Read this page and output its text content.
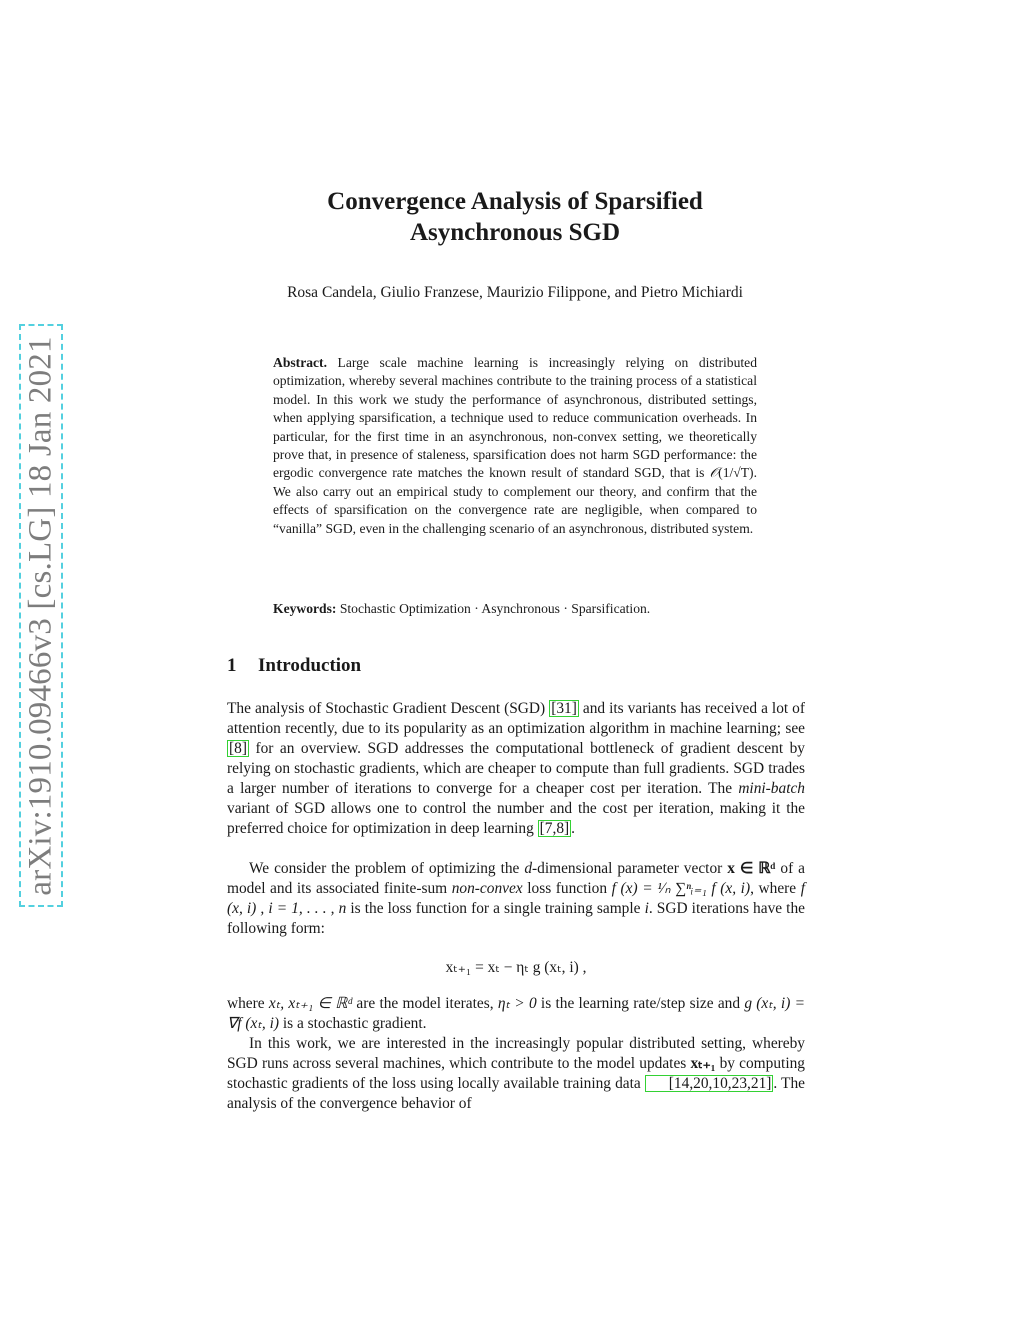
arXiv:1910.09466v3 [cs.LG] 18 Jan 2021
Convergence Analysis of Sparsified
Asynchronous SGD
Rosa Candela, Giulio Franzese, Maurizio Filippone, and Pietro Michiardi
Abstract. Large scale machine learning is increasingly relying on distributed optimization, whereby several machines contribute to the training process of a statistical model. In this work we study the performance of asynchronous, distributed settings, when applying sparsification, a technique used to reduce communication overheads. In particular, for the first time in an asynchronous, non-convex setting, we theoretically prove that, in presence of staleness, sparsification does not harm SGD performance: the ergodic convergence rate matches the known result of standard SGD, that is 𝒪(1/√T). We also carry out an empirical study to complement our theory, and confirm that the effects of sparsification on the convergence rate are negligible, when compared to “vanilla” SGD, even in the challenging scenario of an asynchronous, distributed system.
Keywords: Stochastic Optimization · Asynchronous · Sparsification.
1 Introduction
The analysis of Stochastic Gradient Descent (SGD) [31] and its variants has received a lot of attention recently, due to its popularity as an optimization algorithm in machine learning; see [8] for an overview. SGD addresses the computational bottleneck of gradient descent by relying on stochastic gradients, which are cheaper to compute than full gradients. SGD trades a larger number of iterations to converge for a cheaper cost per iteration. The mini-batch variant of SGD allows one to control the number and the cost per iteration, making it the preferred choice for optimization in deep learning [7,8] .
We consider the problem of optimizing the d-dimensional parameter vector x ∈ ℝᵈ of a model and its associated finite-sum non-convex loss function f (x) = ¹⁄ₙ ∑ⁿᵢ₌₁ f (x, i), where f (x, i) , i = 1, . . . , n is the loss function for a single training sample i. SGD iterations have the following form:
xₜ₊₁ = xₜ − ηₜ g (xₜ, i) ,
where xₜ, xₜ₊₁ ∈ ℝᵈ are the model iterates, ηₜ > 0 is the learning rate/step size and g (xₜ, i) = ∇f (xₜ, i) is a stochastic gradient.
In this work, we are interested in the increasingly popular distributed setting, whereby SGD runs across several machines, which contribute to the model updates xₜ₊₁ by computing stochastic gradients of the loss using locally available training data [14,20,10,23,21] . The analysis of the convergence behavior of
